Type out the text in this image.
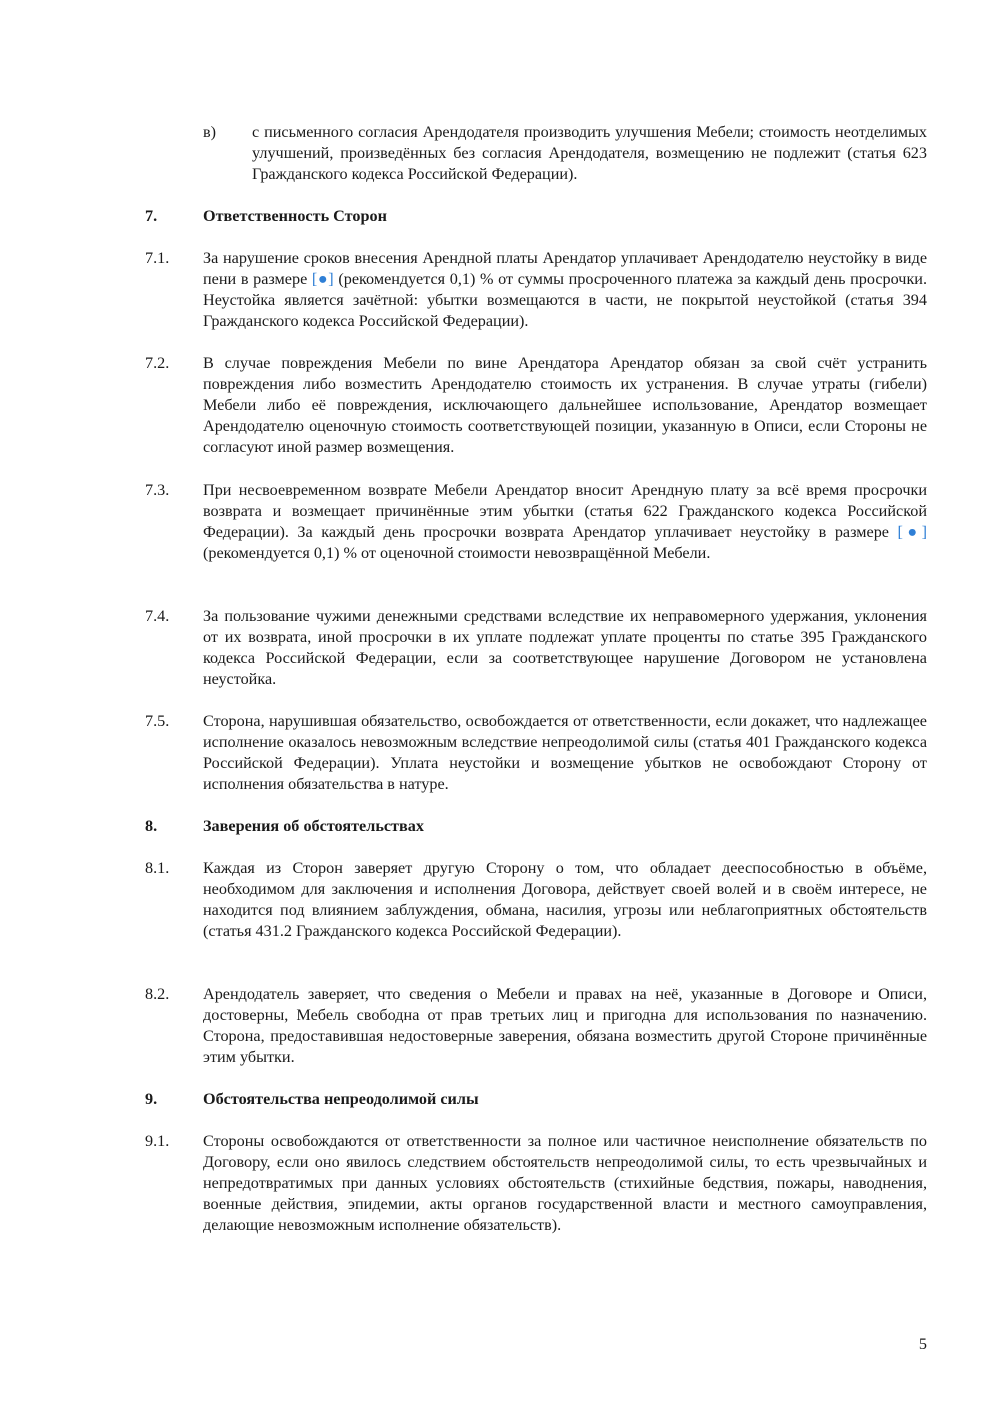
в) с письменного согласия Арендодателя производить улучшения Мебели; стоимость неотделимых улучшений, произведённых без согласия Арендодателя, возмещению не подлежит (статья 623 Гражданского кодекса Российской Федерации).
7.	Ответственность Сторон
7.1. За нарушение сроков внесения Арендной платы Арендатор уплачивает Арендодателю неустойку в виде пени в размере [●] (рекомендуется 0,1) % от суммы просроченного платежа за каждый день просрочки. Неустойка является зачётной: убытки возмещаются в части, не покрытой неустойкой (статья 394 Гражданского кодекса Российской Федерации).
7.2. В случае повреждения Мебели по вине Арендатора Арендатор обязан за свой счёт устранить повреждения либо возместить Арендодателю стоимость их устранения. В случае утраты (гибели) Мебели либо её повреждения, исключающего дальнейшее использование, Арендатор возмещает Арендодателю оценочную стоимость соответствующей позиции, указанную в Описи, если Стороны не согласуют иной размер возмещения.
7.3. При несвоевременном возврате Мебели Арендатор вносит Арендную плату за всё время просрочки возврата и возмещает причинённые этим убытки (статья 622 Гражданского кодекса Российской Федерации). За каждый день просрочки возврата Арендатор уплачивает неустойку в размере [●] (рекомендуется 0,1) % от оценочной стоимости невозвращённой Мебели.
7.4. За пользование чужими денежными средствами вследствие их неправомерного удержания, уклонения от их возврата, иной просрочки в их уплате подлежат уплате проценты по статье 395 Гражданского кодекса Российской Федерации, если за соответствующее нарушение Договором не установлена неустойка.
7.5. Сторона, нарушившая обязательство, освобождается от ответственности, если докажет, что надлежащее исполнение оказалось невозможным вследствие непреодолимой силы (статья 401 Гражданского кодекса Российской Федерации). Уплата неустойки и возмещение убытков не освобождают Сторону от исполнения обязательства в натуре.
8.	Заверения об обстоятельствах
8.1. Каждая из Сторон заверяет другую Сторону о том, что обладает дееспособностью в объёме, необходимом для заключения и исполнения Договора, действует своей волей и в своём интересе, не находится под влиянием заблуждения, обмана, насилия, угрозы или неблагоприятных обстоятельств (статья 431.2 Гражданского кодекса Российской Федерации).
8.2. Арендодатель заверяет, что сведения о Мебели и правах на неё, указанные в Договоре и Описи, достоверны, Мебель свободна от прав третьих лиц и пригодна для использования по назначению. Сторона, предоставившая недостоверные заверения, обязана возместить другой Стороне причинённые этим убытки.
9.	Обстоятельства непреодолимой силы
9.1. Стороны освобождаются от ответственности за полное или частичное неисполнение обязательств по Договору, если оно явилось следствием обстоятельств непреодолимой силы, то есть чрезвычайных и непредотвратимых при данных условиях обстоятельств (стихийные бедствия, пожары, наводнения, военные действия, эпидемии, акты органов государственной власти и местного самоуправления, делающие невозможным исполнение обязательств).
5
